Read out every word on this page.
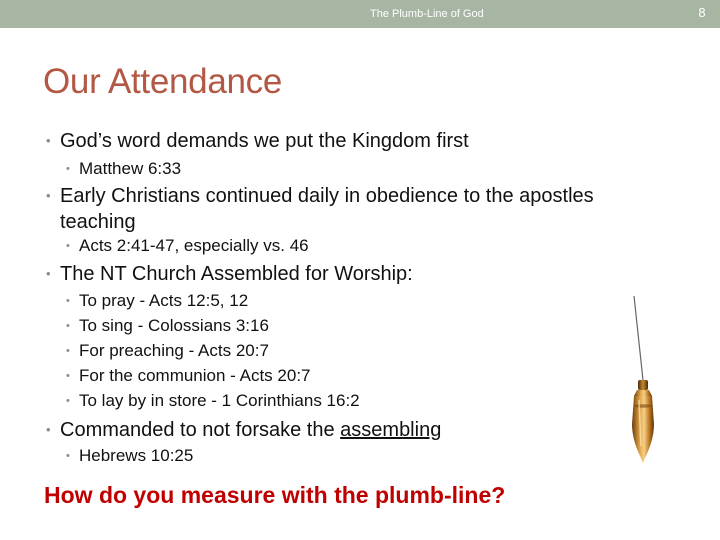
The Plumb-Line of God	8
Our Attendance
• God’s word demands we put the Kingdom first
• Matthew 6:33
• Early Christians continued daily in obedience to the apostles teaching
• Acts 2:41-47, especially vs. 46
• The NT Church Assembled for Worship:
• To pray - Acts 12:5, 12
• To sing - Colossians 3:16
• For preaching - Acts 20:7
• For the communion - Acts 20:7
• To lay by in store - 1 Corinthians 16:2
• Commanded to not forsake the assembling
• Hebrews 10:25
How do you measure with the plumb-line?
